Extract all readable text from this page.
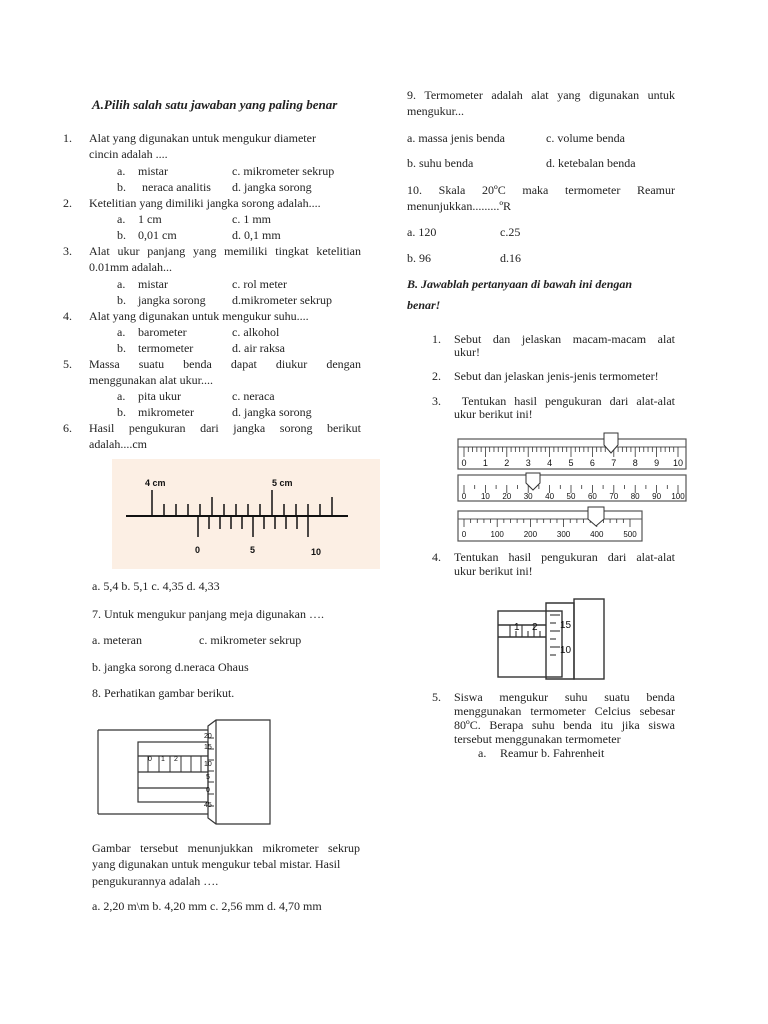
A.Pilih salah satu jawaban yang paling benar
1. Alat yang digunakan untuk mengukur diameter
cincin adalah ....
a. mistar	c. mikrometer sekrup
b. neraca analitis d. jangka sorong
2. Ketelitian yang dimiliki jangka sorong adalah....
a. 1 cm	c. 1 mm
b. 0,01 cm	d. 0,1 mm
3. Alat ukur panjang yang memiliki tingkat ketelitian
0.01mm adalah...
a. mistar	c. rol meter
b. jangka sorong d.mikrometer sekrup
4. Alat yang digunakan untuk mengukur suhu....
a. barometer	c. alkohol
b. termometer	d. air raksa
5. Massa suatu benda dapat diukur dengan
menggunakan alat ukur....
a. pita ukur	c. neraca
b. mikrometer	d. jangka sorong
6. Hasil pengukuran dari jangka sorong berikut
adalah....cm
4 cm	5 cm
0	5	10
a. 5,4 b. 5,1 c. 4,35 d. 4,33
7. Untuk mengukur panjang meja digunakan ….
a. meteran	c. mikrometer sekrup
b. jangka sorong d.neraca Ohaus
8. Perhatikan gambar berikut.
0 1 2
20
15
10
5
0
45
Gambar tersebut menunjukkan mikrometer sekrup
yang digunakan untuk mengukur tebal mistar. Hasil
pengukurannya adalah ….
a. 2,20 m\m b. 4,20 mm c. 2,56 mm d. 4,70 mm
9. Termometer adalah alat yang digunakan untuk
mengukur...
a. massa jenis benda	c. volume benda
b. suhu benda	d. ketebalan benda
10. Skala 20ºC maka termometer Reamur
menunjukkan.........ºR
a. 120	c.25
b. 96	d.16
B. Jawablah pertanyaan di bawah ini dengan
benar!
1. Sebut dan jelaskan macam-macam alat
ukur!
2. Sebut dan jelaskan jenis-jenis termometer!
3. Tentukan hasil pengukuran dari alat-alat
ukur berikut ini!
0 1 2 3 4 5 6 7 8 9 10
0 10 20 30 40 50 60 70 80 90 100
0	100 200 300 400 500
4. Tentukan hasil pengukuran dari alat-alat
ukur berikut ini!
1 2 15
10
5. Siswa  mengukur  suhu  suatu  benda
menggunakan termometer Celcius sebesar
80ºC. Berapa suhu benda itu jika siswa
tersebut menggunakan termometer
a. Reamur b. Fahrenheit
